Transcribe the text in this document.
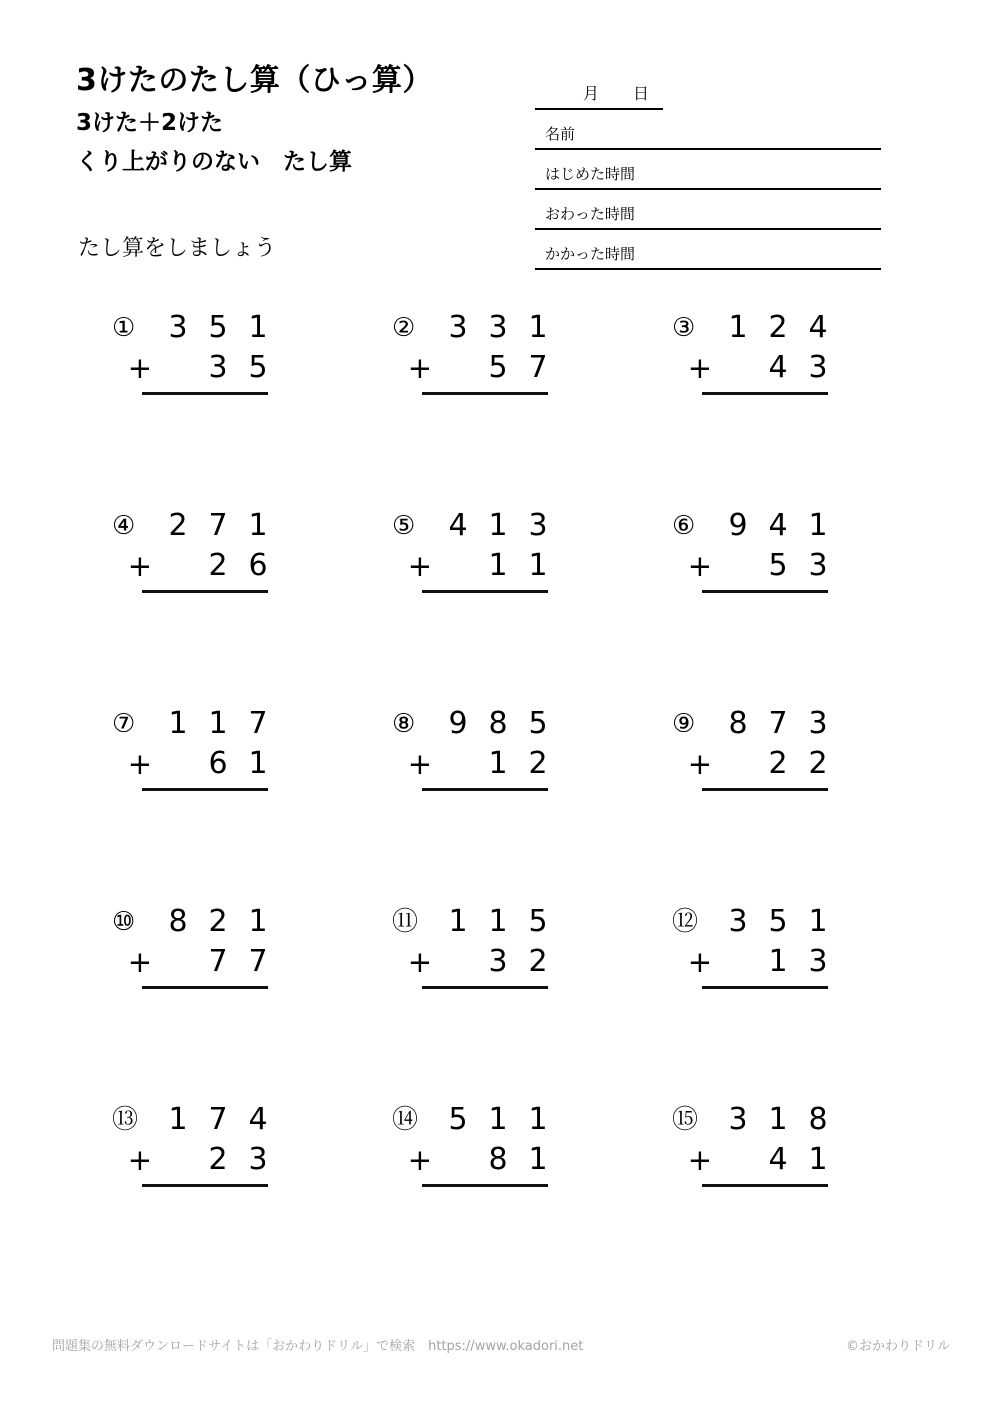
3けたのたし算（ひっ算）
3けた＋2けた
くり上がりのない　たし算
たし算をしましょう
月 日
名前
はじめた時間
おわった時間
かかった時間
①	3 5 1
+	3 5
②	3 3 1
+	5 7
③	1 2 4
+	4 3
④	2 7 1
+	2 6
⑤	4 1 3
+	1 1
⑥	9 4 1
+	5 3
⑦	1 1 7
+	6 1
⑧	9 8 5
+	1 2
⑨	8 7 3
+	2 2
⑩	8 2 1
+	7 7
⑪	1 1 5
+	3 2
⑫	3 5 1
+	1 3
⑬	1 7 4
+	2 3
⑭	5 1 1
+	8 1
⑮	3 1 8
+	4 1
問題集の無料ダウンロードサイトは「おかわりドリル」で検索　https://www.okadori.net	©おかわりドリル
